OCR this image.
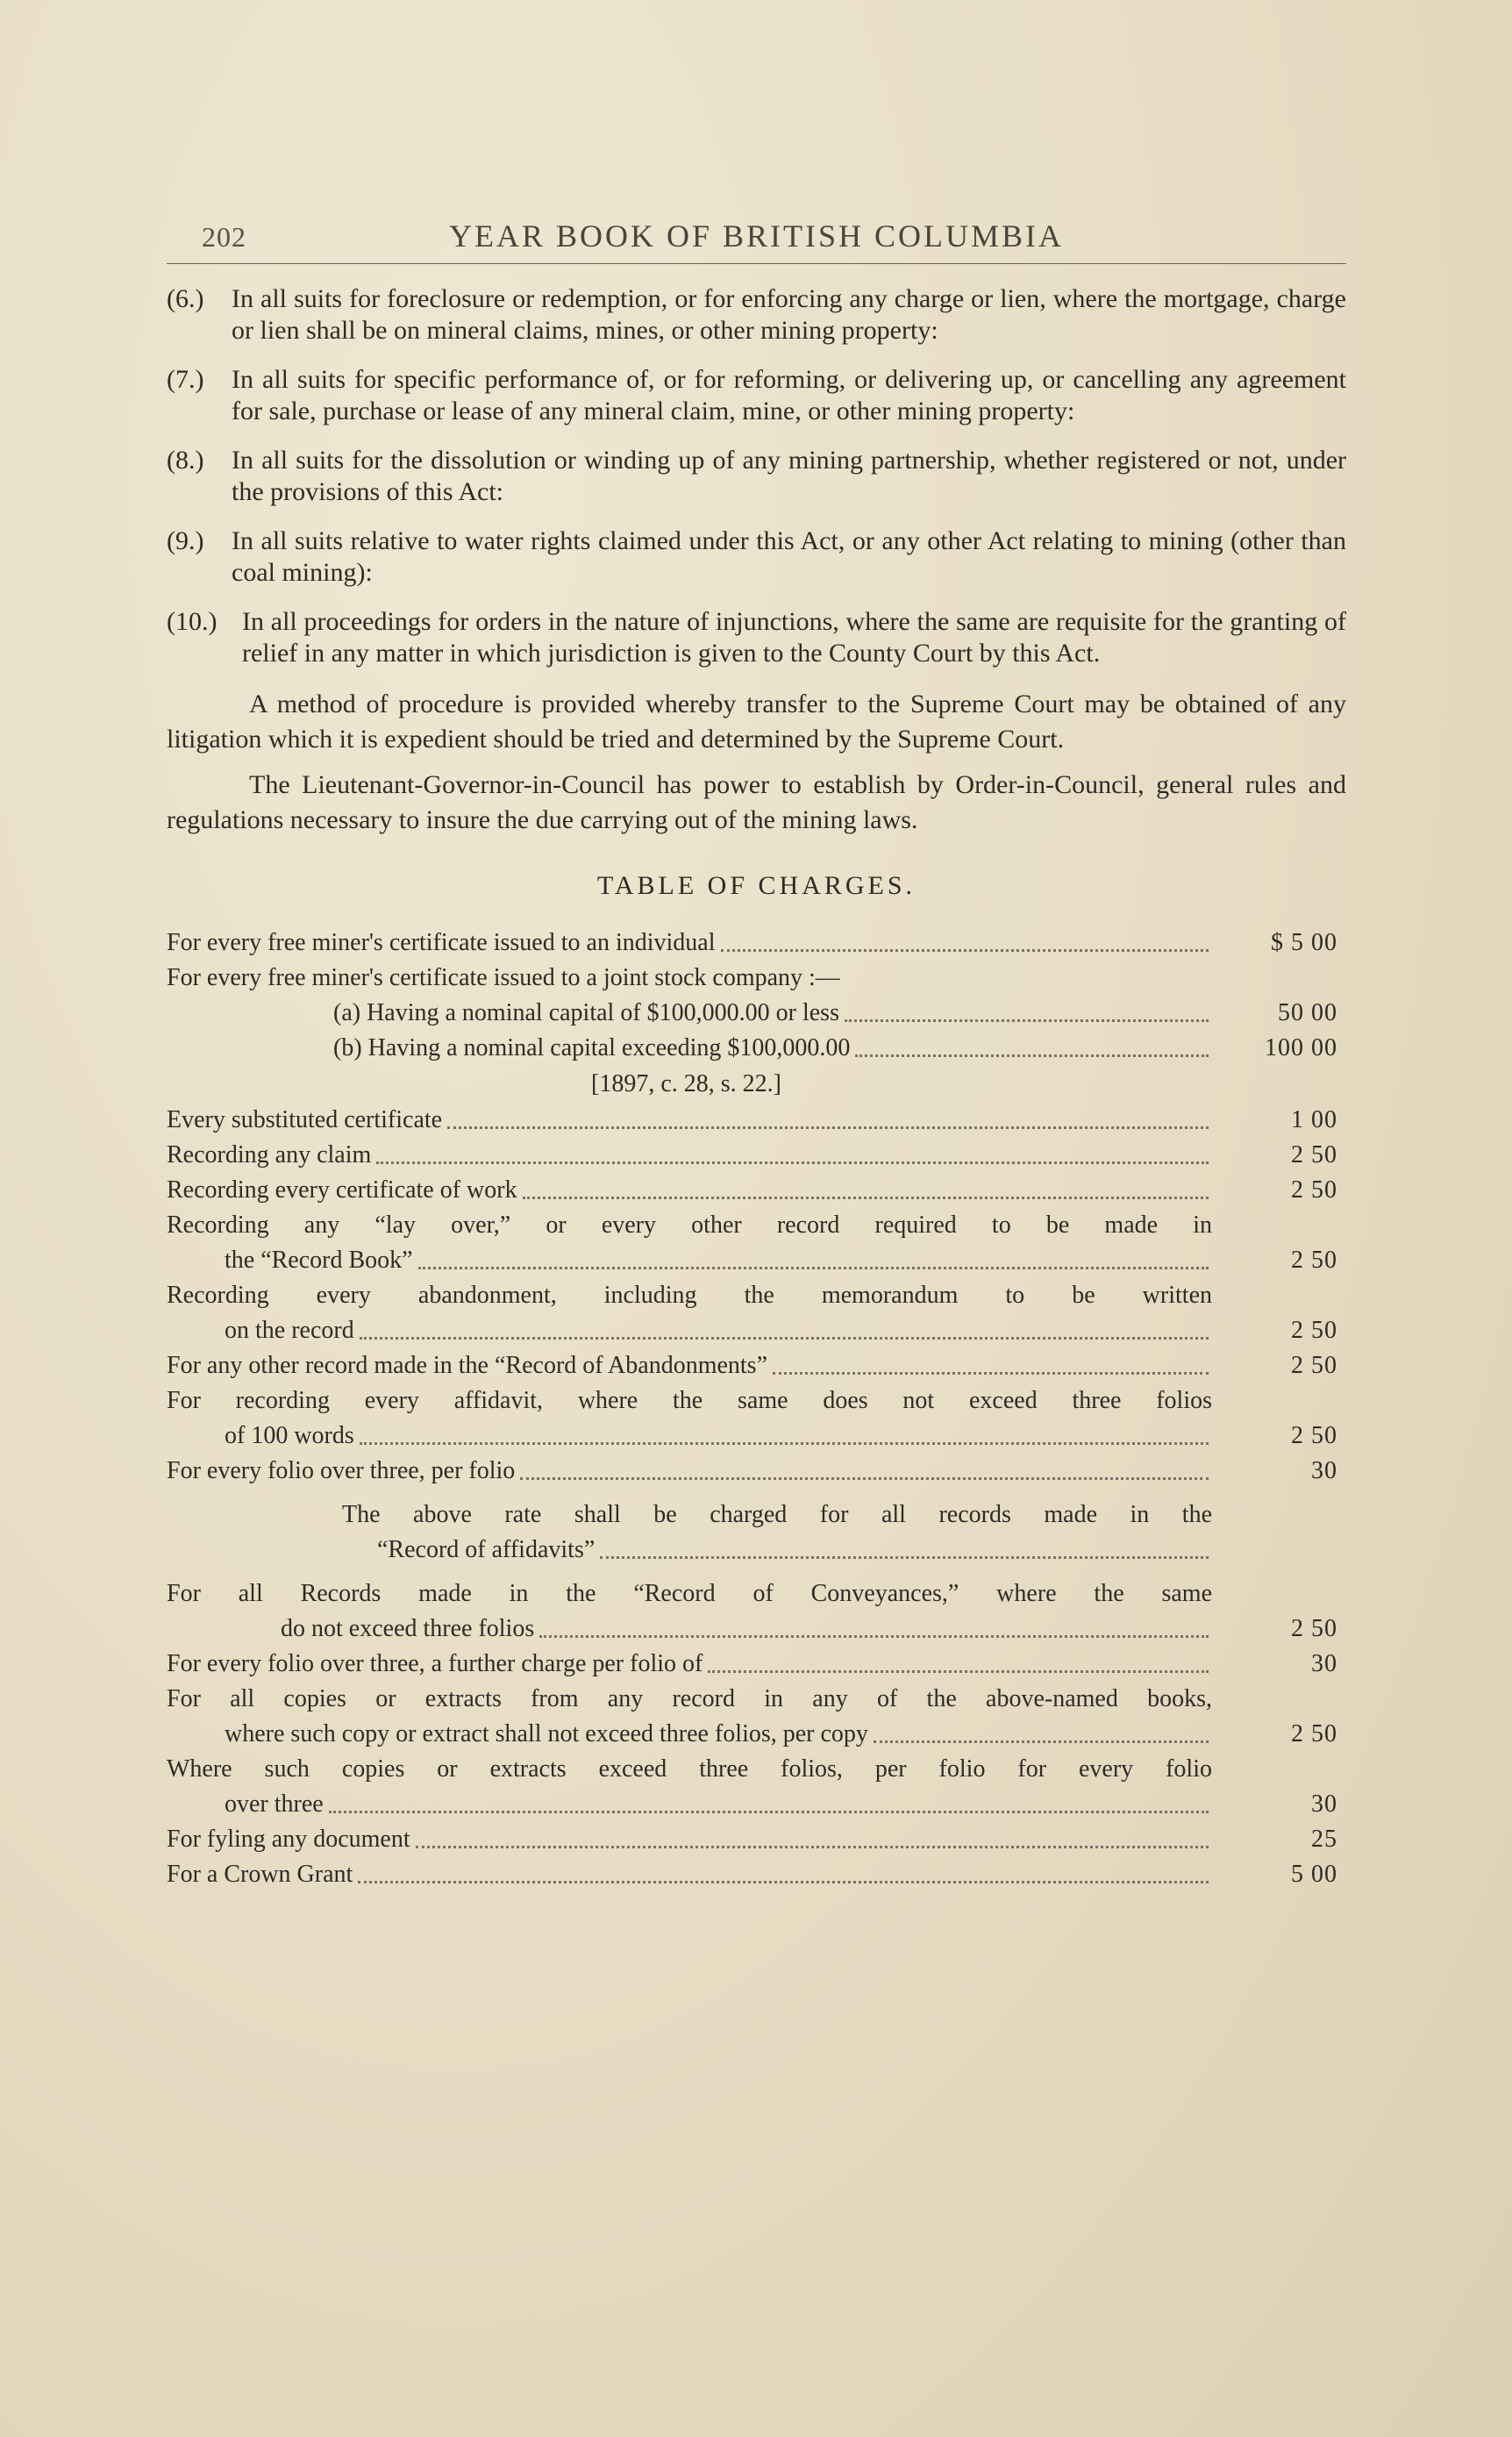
202	YEAR BOOK OF BRITISH COLUMBIA
(6.) In all suits for foreclosure or redemption, or for enforcing any charge or lien, where the mortgage, charge or lien shall be on mineral claims, mines, or other mining property:
(7.) In all suits for specific performance of, or for reforming, or delivering up, or cancelling any agreement for sale, purchase or lease of any mineral claim, mine, or other mining property:
(8.) In all suits for the dissolution or winding up of any mining partnership, whether registered or not, under the provisions of this Act:
(9.) In all suits relative to water rights claimed under this Act, or any other Act relating to mining (other than coal mining):
(10.) In all proceedings for orders in the nature of injunctions, where the same are requisite for the granting of relief in any matter in which jurisdiction is given to the County Court by this Act.

A method of procedure is provided whereby transfer to the Supreme Court may be obtained of any litigation which it is expedient should be tried and determined by the Supreme Court.

The Lieutenant-Governor-in-Council has power to establish by Order-in-Council, general rules and regulations necessary to insure the due carrying out of the mining laws.

TABLE OF CHARGES.
For every free miner's certificate issued to an individual	$ 5 00
For every free miner's certificate issued to a joint stock company :—
(a) Having a nominal capital of $100,000.00 or less	50 00
(b) Having a nominal capital exceeding $100,000.00	100 00
[1897, c. 28, s. 22.]
Every substituted certificate	1 00
Recording any claim	2 50
Recording every certificate of work	2 50
Recording any “lay over,” or every other record required to be made in
the “Record Book”	2 50
Recording every abandonment, including the memorandum to be written
on the record	2 50
For any other record made in the “Record of Abandonments”	2 50
For recording every affidavit, where the same does not exceed three folios
of 100 words	2 50
For every folio over three, per folio	30
The above rate shall be charged for all records made in the
“Record of affidavits”
For all Records made in the “Record of Conveyances,” where the same
do not exceed three folios	2 50
For every folio over three, a further charge per folio of	30
For all copies or extracts from any record in any of the above-named books,
where such copy or extract shall not exceed three folios, per copy	2 50
Where such copies or extracts exceed three folios, per folio for every folio
over three	30
For fyling any document	25
For a Crown Grant	5 00
